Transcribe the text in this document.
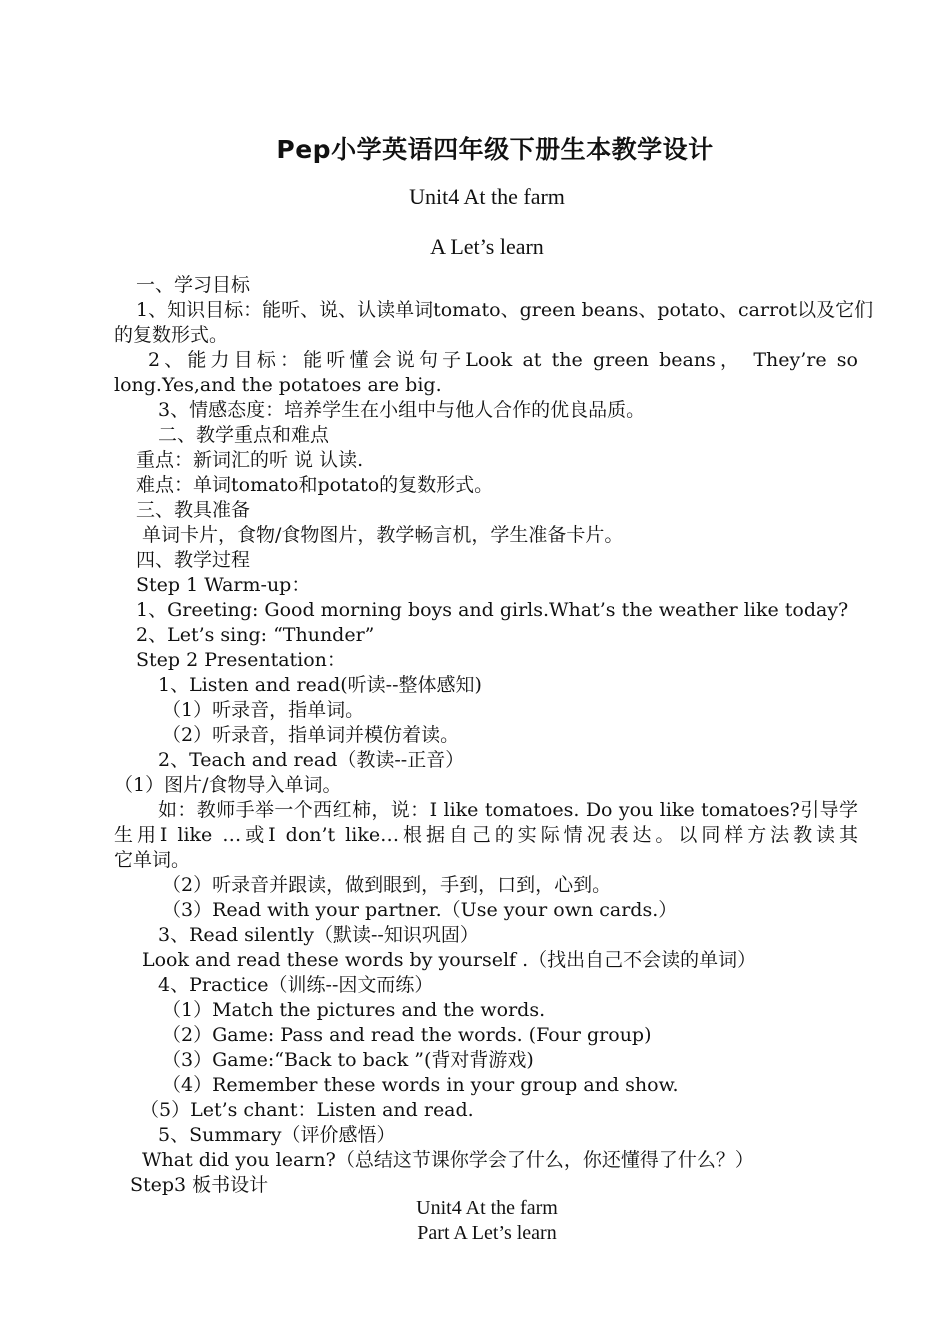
Pep小学英语四年级下册生本教学设计
Unit4 At the farm
A Let’s learn
一、学习目标
1、知识目标：能听、说、认读单词tomato、green beans、potato、carrot以及它们
的复数形式。
2、能力目标：能听懂会说句子Look at the green beans， They’re so
long.Yes,and the potatoes are big.
3、情感态度：培养学生在小组中与他人合作的优良品质。
二、教学重点和难点
重点：新词汇的听 说 认读.
难点：单词tomato和potato的复数形式。
三、教具准备
单词卡片，食物/食物图片，教学畅言机，学生准备卡片。
四、教学过程
Step 1 Warm-up：
1、Greeting: Good morning boys and girls.What’s the weather like today?
2、Let’s sing: “Thunder”
Step 2 Presentation：
1、Listen and read(听读--整体感知)
（1）听录音，指单词。
（2）听录音，指单词并模仿着读。
2、Teach and read（教读--正音）
（1）图片/食物导入单词。
如：教师手举一个西红柿，说：I like tomatoes. Do you like tomatoes?引导学
生用I like …或I don’t like…根据自己的实际情况表达。以同样方法教读其
它单词。
（2）听录音并跟读，做到眼到，手到，口到，心到。
（3）Read with your partner.（Use your own cards.）
3、Read silently（默读--知识巩固）
Look and read these words by yourself .（找出自己不会读的单词）
4、Practice（训练--因文而练）
（1）Match the pictures and the words.
（2）Game: Pass and read the words. (Four group)
（3）Game:“Back to back ”(背对背游戏)
（4）Remember these words in your group and show.
（5）Let’s chant：Listen and read.
5、Summary（评价感悟）
What did you learn?（总结这节课你学会了什么，你还懂得了什么？）
Step3 板书设计
Unit4 At the farm
Part A Let’s learn
